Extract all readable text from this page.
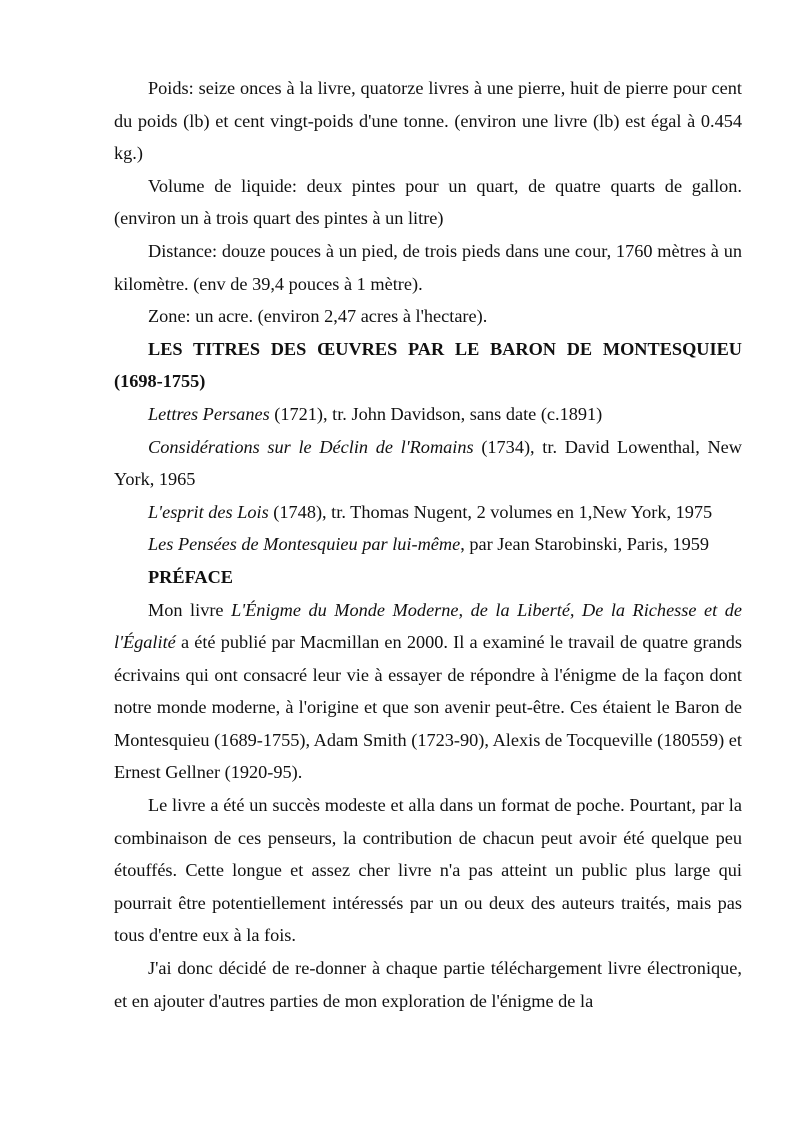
Poids: seize onces à la livre, quatorze livres à une pierre, huit de pierre pour cent du poids (lb) et cent vingt-poids d'une tonne. (environ une livre (lb) est égal à 0.454 kg.)

Volume de liquide: deux pintes pour un quart, de quatre quarts de gallon. (environ un à trois quart des pintes à un litre)

Distance: douze pouces à un pied, de trois pieds dans une cour, 1760 mètres à un kilomètre. (env de 39,4 pouces à 1 mètre).

Zone: un acre. (environ 2,47 acres à l'hectare).

LES TITRES DES ŒUVRES PAR LE BARON DE MONTESQUIEU (1698-1755)

Lettres Persanes (1721), tr. John Davidson, sans date (c.1891)

Considérations sur le Déclin de l'Romains (1734), tr. David Lowenthal, New York, 1965

L'esprit des Lois (1748), tr. Thomas Nugent, 2 volumes en 1,New York, 1975

Les Pensées de Montesquieu par lui-même, par Jean Starobinski, Paris, 1959

PRÉFACE

Mon livre L'Énigme du Monde Moderne, de la Liberté, De la Richesse et de l'Égalité a été publié par Macmillan en 2000. Il a examiné le travail de quatre grands écrivains qui ont consacré leur vie à essayer de répondre à l'énigme de la façon dont notre monde moderne, à l'origine et que son avenir peut-être. Ces étaient le Baron de Montesquieu (1689-1755), Adam Smith (1723-90), Alexis de Tocqueville (180559) et Ernest Gellner (1920-95).

Le livre a été un succès modeste et alla dans un format de poche. Pourtant, par la combinaison de ces penseurs, la contribution de chacun peut avoir été quelque peu étouffés. Cette longue et assez cher livre n'a pas atteint un public plus large qui pourrait être potentiellement intéressés par un ou deux des auteurs traités, mais pas tous d'entre eux à la fois.

J'ai donc décidé de re-donner à chaque partie téléchargement livre électronique, et en ajouter d'autres parties de mon exploration de l'énigme de la
